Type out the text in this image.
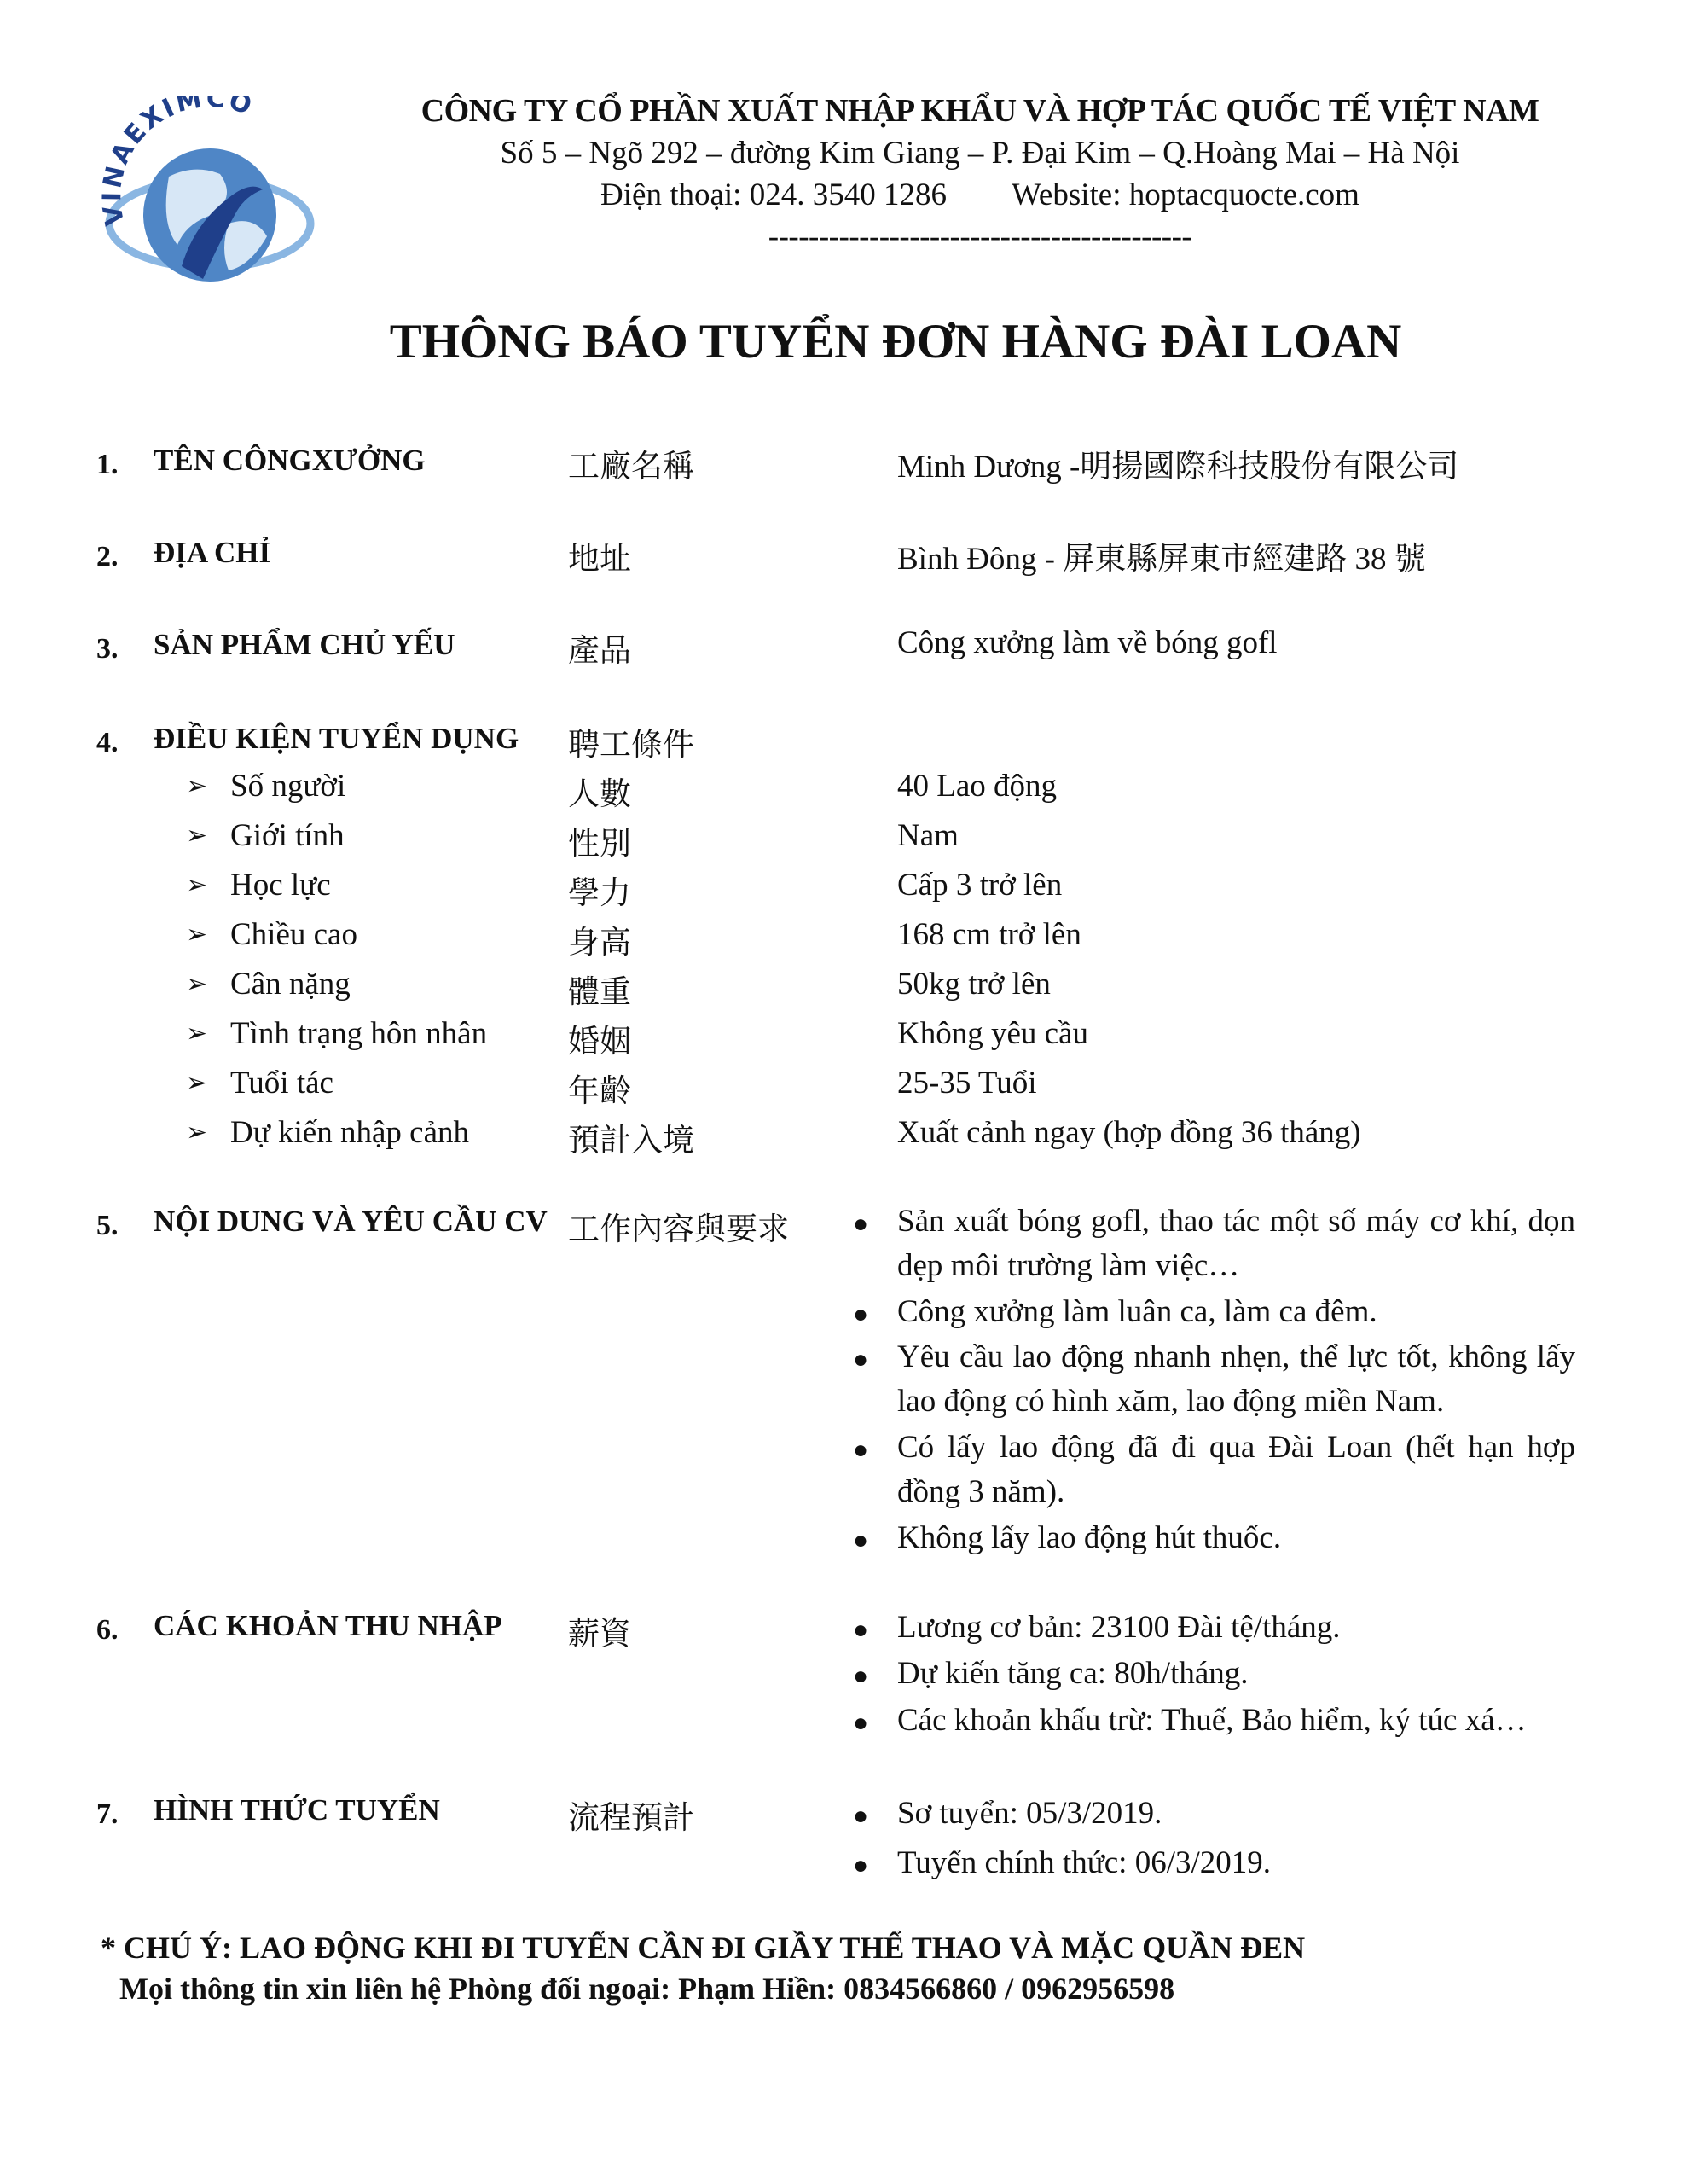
V NAEXIMCO	CÔNG TY CỔ PHẦN XUẤT NHẬP KHẨU VÀ HỢP TÁC QUỐC TẾ VIỆT NAM
Số 5 – Ngõ 292 – đường Kim Giang – P. Đại Kim – Q.Hoàng Mai – Hà Nội
Điện thoại: 024. 3540 1286 Website: hoptacquocte.com
------------------------------------------
THÔNG BÁO TUYỂN ĐƠN HÀNG ĐÀI LOAN
1. TÊN CÔNGXƯỞNG	工廠名稱	Minh Dương -明揚國際科技股份有限公司
2. ĐỊA CHỈ	地址	Bình Đông - 屏東縣屏東市經建路 38 號
3. SẢN PHẨM CHỦ YẾU	產品	Công xưởng làm về bóng gofl
4. ĐIỀU KIỆN TUYỂN DỤNG 聘工條件
➢ Số người	人數	40 Lao động
➢ Giới tính	性別	Nam
➢ Học lực	學力	Cấp 3 trở lên
➢ Chiều cao	身高	168 cm trở lên
➢ Cân nặng	體重	50kg trở lên
➢ Tình trạng hôn nhân	婚姻	Không yêu cầu
➢ Tuổi tác	年齡	25-35 Tuổi
➢ Dự kiến nhập cảnh	預計入境	Xuất cảnh ngay (hợp đồng 36 tháng)
5. NỘI DUNG VÀ YÊU CẦU CV 工作內容與要求	● Sản xuất bóng gofl, thao tác một số máy cơ khí, dọn dẹp môi trường làm việc…
● Công xưởng làm luân ca, làm ca đêm.
● Yêu cầu lao động nhanh nhẹn, thể lực tốt, không lấy lao động có hình xăm, lao động miền Nam.
● Có lấy lao động đã đi qua Đài Loan (hết hạn hợp đồng 3 năm).
● Không lấy lao động hút thuốc.
6. CÁC KHOẢN THU NHẬP 薪資	● Lương cơ bản: 23100 Đài tệ/tháng.
● Dự kiến tăng ca: 80h/tháng.
● Các khoản khấu trừ: Thuế, Bảo hiểm, ký túc xá…
7. HÌNH THỨC TUYỂN	流程預計	● Sơ tuyển: 05/3/2019.
● Tuyển chính thức: 06/3/2019.
* CHÚ Ý: LAO ĐỘNG KHI ĐI TUYỂN CẦN ĐI GIẦY THỂ THAO VÀ MẶC QUẦN ĐEN
Mọi thông tin xin liên hệ Phòng đối ngoại: Phạm Hiền: 0834566860 / 0962956598
